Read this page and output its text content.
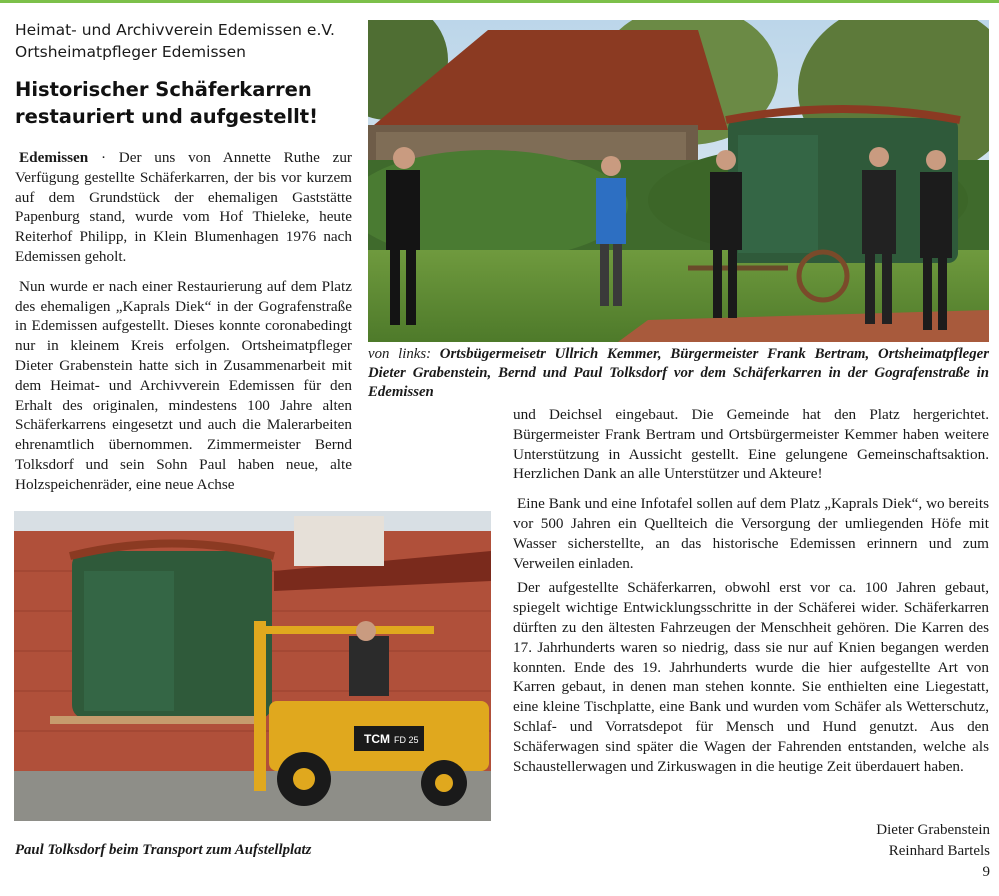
Heimat- und Archivverein Edemissen e.V.
Ortsheimatpfleger Edemissen
Historischer Schäferkarren
restauriert und aufgestellt!

Edemissen · Der uns von Annette Ruthe zur Verfügung gestellte Schäferkarren, der bis vor kurzem auf dem Grundstück der ehemaligen Gaststätte Papenburg stand, wurde vom Hof Thieleke, heute Reiterhof Philipp, in Klein Blumenhagen 1976 nach Edemissen geholt.

Nun wurde er nach einer Restaurierung auf dem Platz des ehemaligen „Kaprals Diek“ in der Gografenstraße in Edemissen aufgestellt. Dieses konnte coronabedingt nur in kleinem Kreis erfolgen. Ortsheimatpfleger Dieter Grabenstein hatte sich in Zusammenarbeit mit dem Heimat- und Archivverein Edemissen für den Erhalt des originalen, mindestens 100 Jahre alten Schäferkarrens eingesetzt und auch die Malerarbeiten ehrenamtlich übernommen. Zimmermeister Bernd Tolksdorf und sein Sohn Paul haben neue, alte Holzspeichenräder, eine neue Achse

von links: Ortsbügermeisetr Ullrich Kemmer, Bürgermeister Frank Bertram, Ortsheimatpfleger Dieter Grabenstein, Bernd und Paul Tolksdorf vor dem Schäferkarren in der Gografenstraße in Edemissen

und Deichsel eingebaut. Die Gemeinde hat den Platz hergerichtet. Bürgermeister Frank Bertram und Ortsbürgermeister Kemmer haben weitere Unterstützung in Aussicht gestellt. Eine gelungene Gemeinschaftsaktion. Herzlichen Dank an alle Unterstützer und Akteure!

Eine Bank und eine Infotafel sollen auf dem Platz „Kaprals Diek“, wo bereits vor 500 Jahren ein Quellteich die Versorgung der umliegenden Höfe mit Wasser sicherstellte, an das historische Edemissen erinnern und zum Verweilen einladen.

Der aufgestellte Schäferkarren, obwohl erst vor ca. 100 Jahren gebaut, spiegelt wichtige Entwicklungsschritte in der Schäferei wider. Schäferkarren dürften zu den ältesten Fahrzeugen der Menschheit gehören. Die Karren des 17. Jahrhunderts waren so niedrig, dass sie nur auf Knien begangen werden konnten. Ende des 19. Jahrhunderts wurde die hier aufgestellte Art von Karren gebaut, in denen man stehen konnte. Sie enthielten eine Liegestatt, eine kleine Tischplatte, eine Bank und wurden vom Schäfer als Wetterschutz, Schlaf- und Vorratsdepot für Mensch und Hund genutzt. Aus den Schäferwagen sind später die Wagen der Fahrenden entstanden, welche als Schaustellerwagen und Zirkuswagen in die heutige Zeit überdauert haben.

TCM FD 25
Paul Tolksdorf beim Transport zum Aufstellplatz
Dieter Grabenstein
Reinhard Bartels
9
